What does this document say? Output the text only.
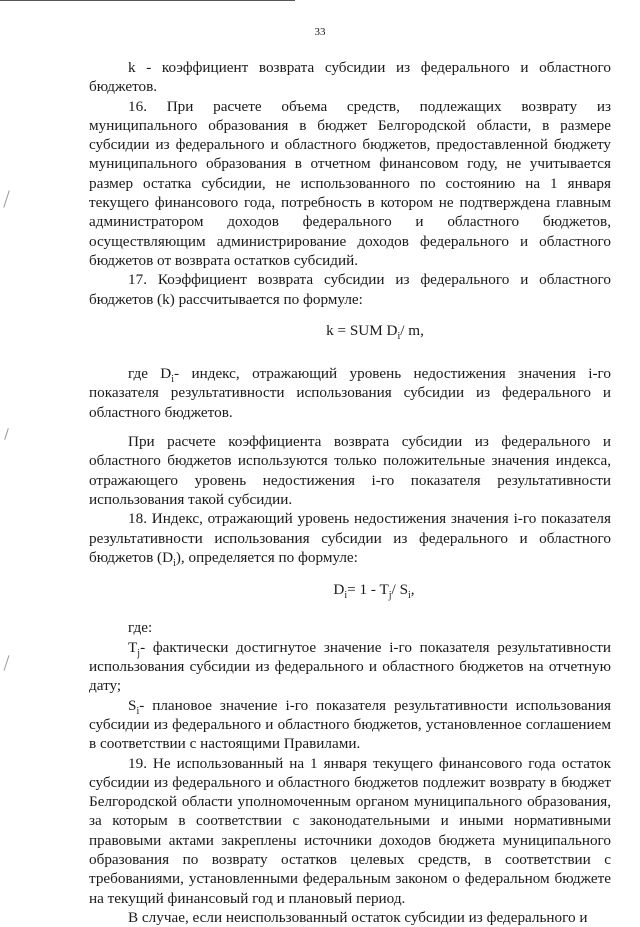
33

k - коэффициент возврата субсидии из федерального и областного бюджетов.

16. При расчете объема средств, подлежащих возврату из муниципального образования в бюджет Белгородской области, в размере субсидии из федерального и областного бюджетов, предоставленной бюджету муниципального образования в отчетном финансовом году, не учитывается размер остатка субсидии, не использованного по состоянию на 1 января текущего финансового года, потребность в котором не подтверждена главным администратором доходов федерального и областного бюджетов, осуществляющим администрирование доходов федерального и областного бюджетов от возврата остатков субсидий.

17. Коэффициент возврата субсидии из федерального и областного бюджетов (k) рассчитывается по формуле:

k = SUM $D_i/$ m,

где $D_i-$ индекс, отражающий уровень недостижения значения i-го показателя результативности использования субсидии из федерального и областного бюджетов.

При расчете коэффициента возврата субсидии из федерального и областного бюджетов используются только положительные значения индекса, отражающего уровень недостижения i-го показателя результативности использования такой субсидии.

18. Индекс, отражающий уровень недостижения значения i-го показателя результативности использования субсидии из федерального и областного бюджетов $(D_i)$, определяется по формуле:

$D_i= 1 - T_j/$ $S_i$,

где:

$T_j-$ фактически достигнутое значение i-го показателя результативности использования субсидии из федерального и областного бюджетов на отчетную дату;

$S_i-$ плановое значение i-го показателя результативности использования субсидии из федерального и областного бюджетов, установленное соглашением в соответствии с настоящими Правилами.

19. Не использованный на 1 января текущего финансового года остаток субсидии из федерального и областного бюджетов подлежит возврату в бюджет Белгородской области уполномоченным органом муниципального образования, за которым в соответствии с законодательными и иными нормативными правовыми актами закреплены источники доходов бюджета муниципального образования по возврату остатков целевых средств, в соответствии с требованиями, установленными федеральным законом о федеральном бюджете на текущий финансовый год и плановый период.

В случае, если неиспользованный остаток субсидии из федерального и
